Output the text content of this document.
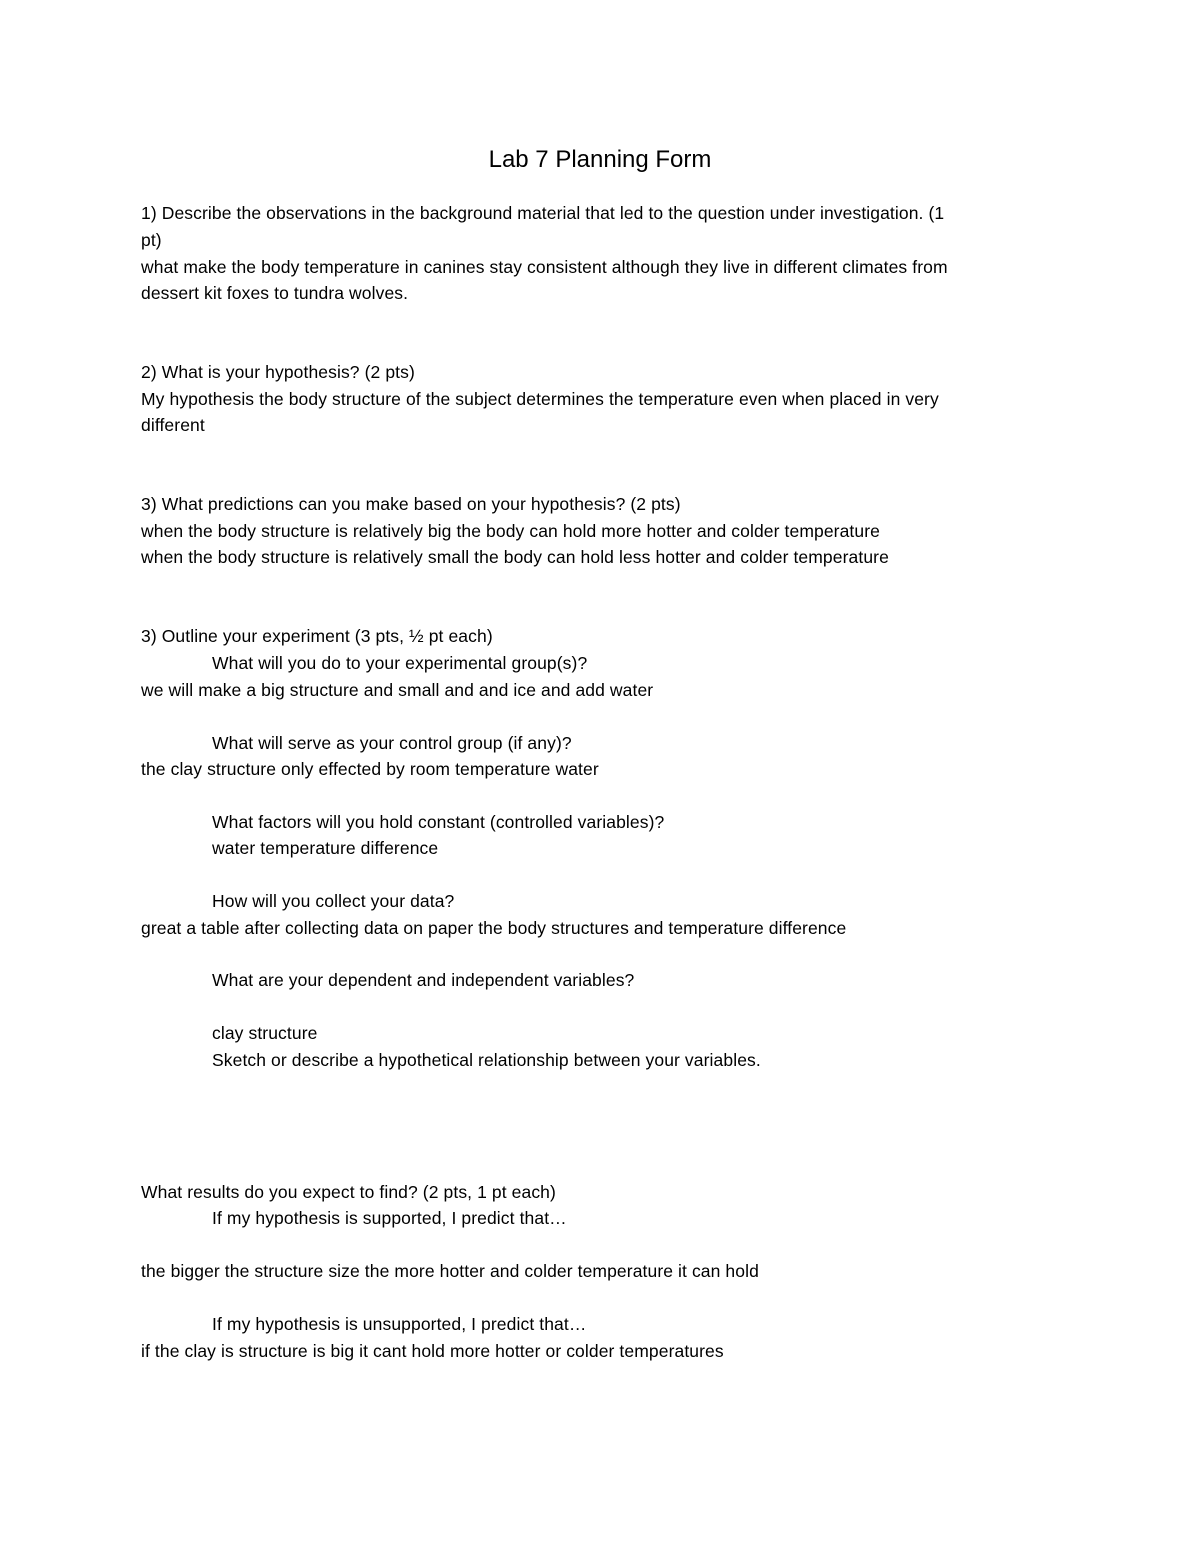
Lab 7 Planning Form
1) Describe the observations in the background material that led to the question under investigation. (1
pt)
what make the body temperature in canines stay consistent although they live in different climates from
dessert kit foxes to tundra wolves.
2) What is your hypothesis? (2 pts)
My hypothesis the body structure of the subject determines the temperature even when placed in very
different
3) What predictions can you make based on your hypothesis? (2 pts)
when the body structure is relatively big the body can hold more hotter and colder temperature
when the body structure is relatively small the body can hold less hotter and colder temperature
3) Outline your experiment (3 pts, ½ pt each)
What will you do to your experimental group(s)?
we will make a big structure and small and and ice and add water
What will serve as your control group (if any)?
the clay structure only effected by room temperature water
What factors will you hold constant (controlled variables)?
water temperature difference
How will you collect your data?
great a table after collecting data on paper the body structures and temperature difference
What are your dependent and independent variables?
clay structure
Sketch or describe a hypothetical relationship between your variables.
What results do you expect to find? (2 pts, 1 pt each)
If my hypothesis is supported, I predict that…
the bigger the structure size the more hotter and colder temperature it can hold
If my hypothesis is unsupported, I predict that…
if the clay is structure is big it cant hold more hotter or colder temperatures
